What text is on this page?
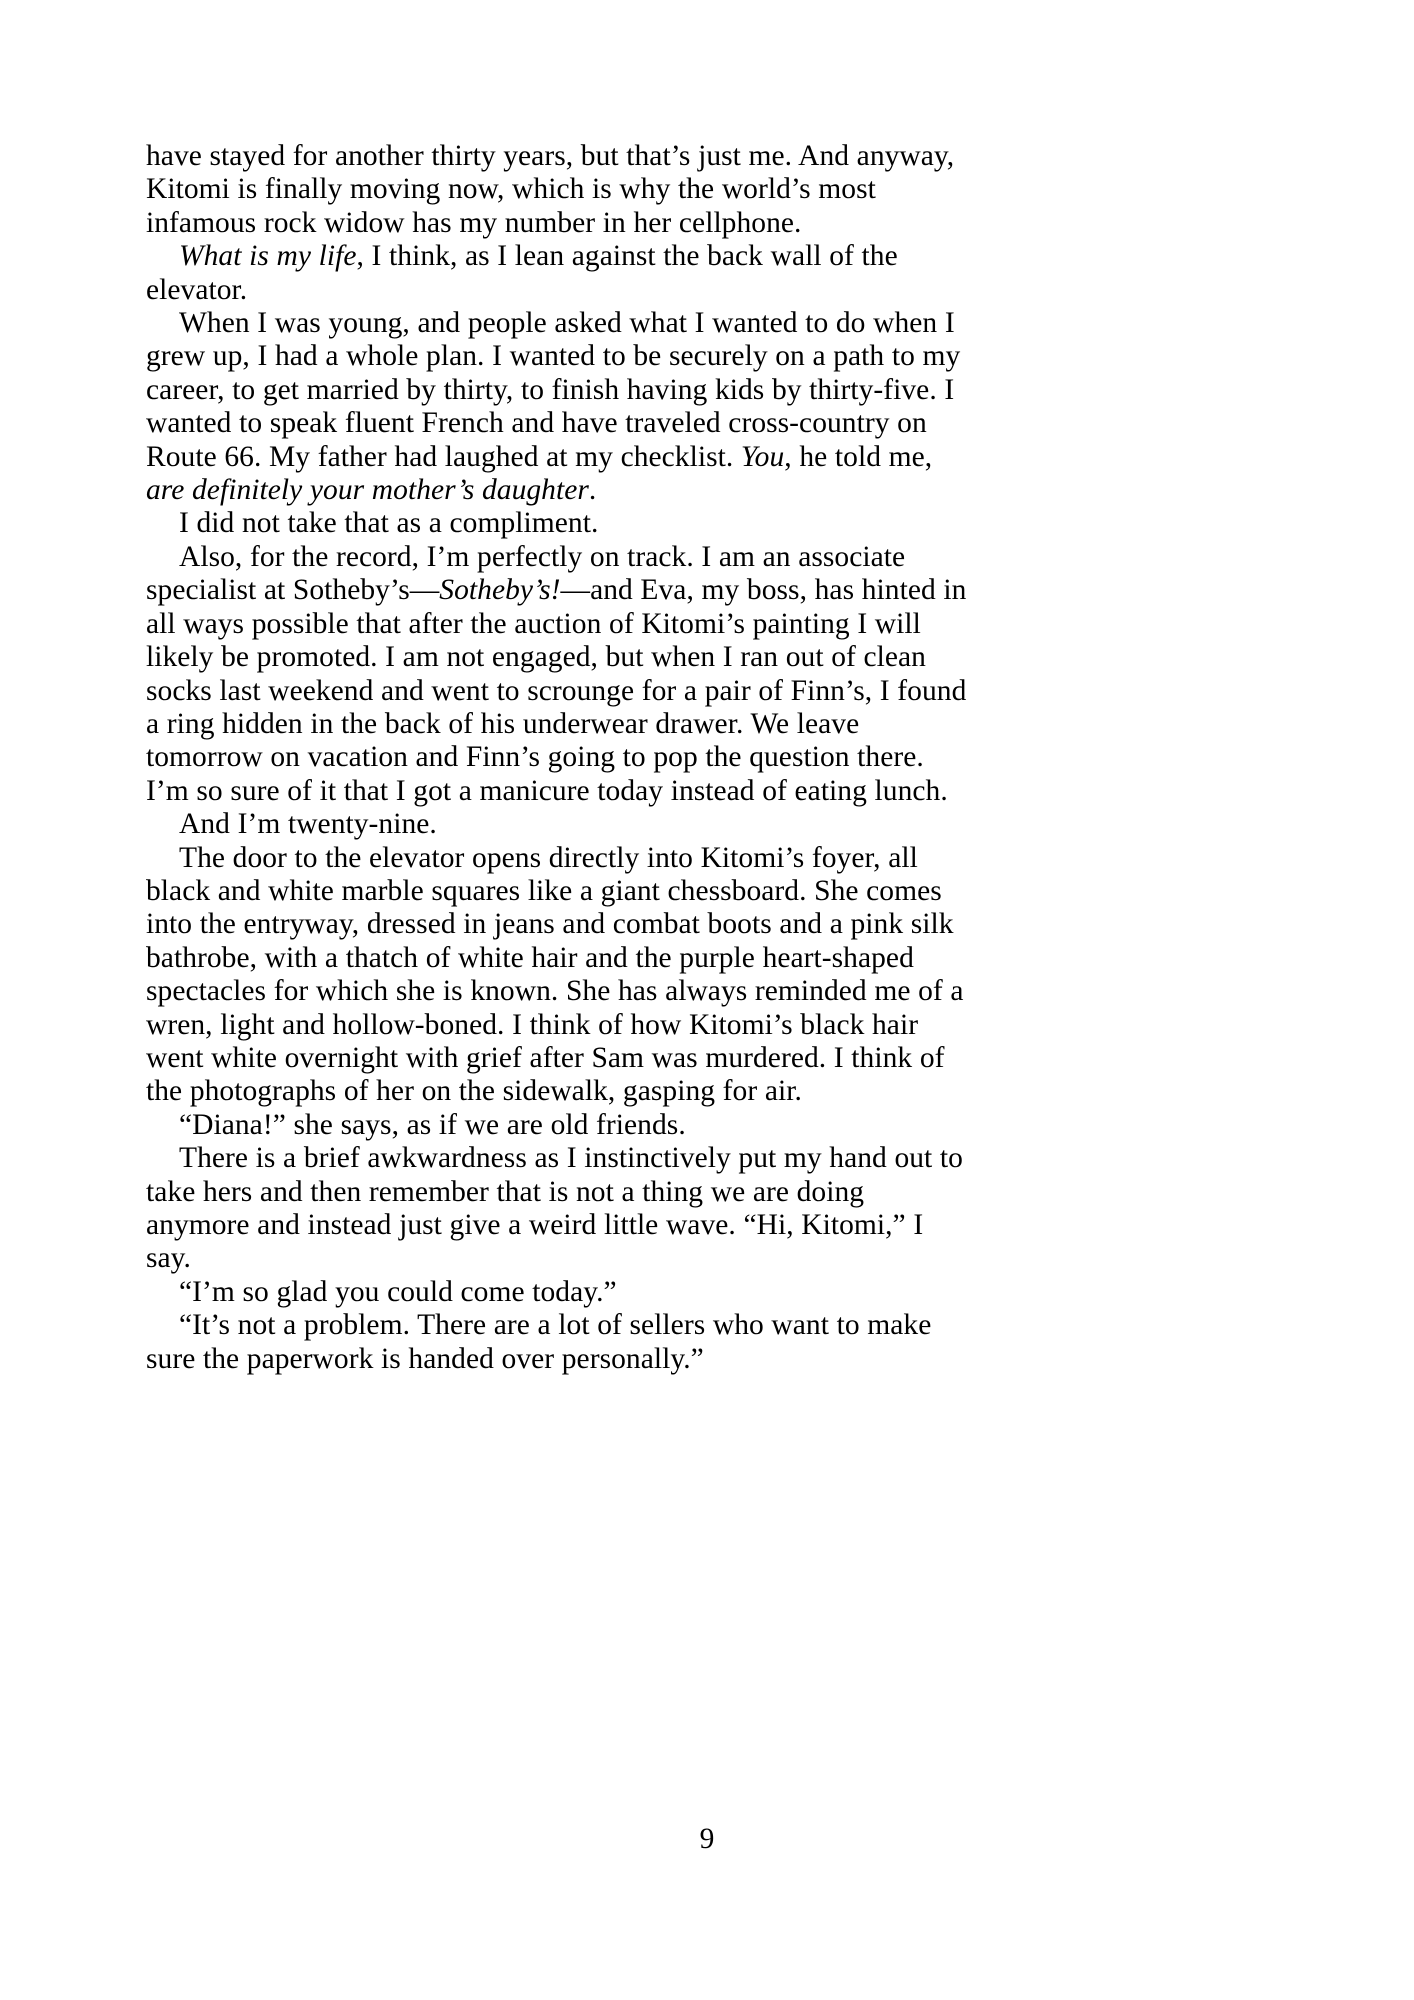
have stayed for another thirty years, but that’s just me. And anyway, Kitomi is finally moving now, which is why the world’s most infamous rock widow has my number in her cellphone.

What is my life, I think, as I lean against the back wall of the elevator.

When I was young, and people asked what I wanted to do when I grew up, I had a whole plan. I wanted to be securely on a path to my career, to get married by thirty, to finish having kids by thirty-five. I wanted to speak fluent French and have traveled cross-country on Route 66. My father had laughed at my checklist. You, he told me, are definitely your mother’s daughter.

I did not take that as a compliment.

Also, for the record, I’m perfectly on track. I am an associate specialist at Sotheby’s—Sotheby’s!—and Eva, my boss, has hinted in all ways possible that after the auction of Kitomi’s painting I will likely be promoted. I am not engaged, but when I ran out of clean socks last weekend and went to scrounge for a pair of Finn’s, I found a ring hidden in the back of his underwear drawer. We leave tomorrow on vacation and Finn’s going to pop the question there. I’m so sure of it that I got a manicure today instead of eating lunch.

And I’m twenty-nine.

The door to the elevator opens directly into Kitomi’s foyer, all black and white marble squares like a giant chessboard. She comes into the entryway, dressed in jeans and combat boots and a pink silk bathrobe, with a thatch of white hair and the purple heart-shaped spectacles for which she is known. She has always reminded me of a wren, light and hollow-boned. I think of how Kitomi’s black hair went white overnight with grief after Sam was murdered. I think of the photographs of her on the sidewalk, gasping for air.

“Diana!” she says, as if we are old friends.

There is a brief awkwardness as I instinctively put my hand out to take hers and then remember that is not a thing we are doing anymore and instead just give a weird little wave. “Hi, Kitomi,” I say.

“I’m so glad you could come today.”

“It’s not a problem. There are a lot of sellers who want to make sure the paperwork is handed over personally.”

9
